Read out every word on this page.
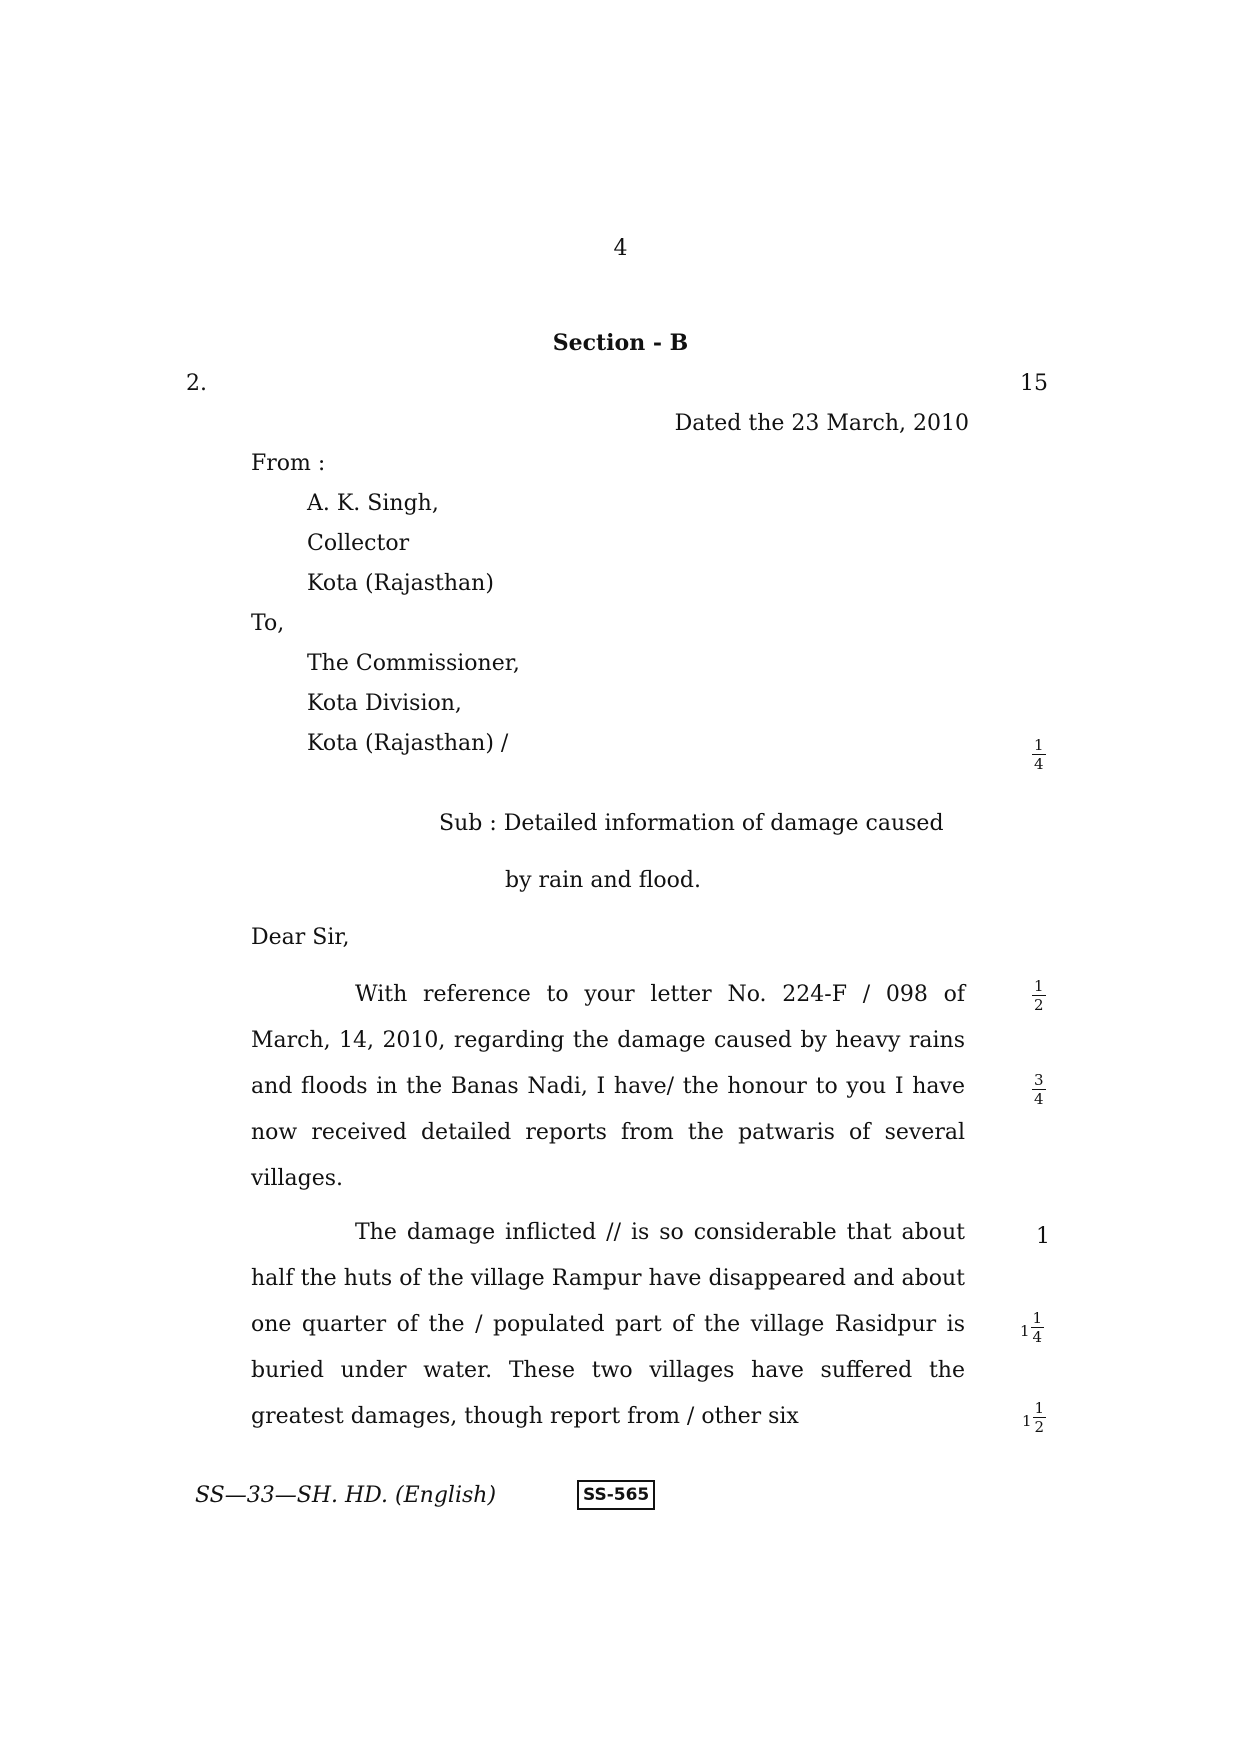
4
Section - B
2.	15
Dated the 23 March, 2010
From :
A. K. Singh,
Collector
Kota (Rajasthan)
To,
The Commissioner,
Kota Division,
Kota (Rajasthan) /	$\frac{1}{4}$
Sub : Detailed information of damage caused
by rain and flood.
Dear Sir,
With reference to your letter No. 224-F / 098 of March, 14, 2010, regarding the damage caused by heavy rains and floods in the Banas Nadi, I have/ the honour to you I have now received detailed reports from the patwaris of several villages.
$\frac{1}{2}$
$\frac{3}{4}$
The damage inflicted // is so considerable that about half the huts of the village Rampur have disappeared and about one quarter of the / populated part of the village Rasidpur is buried under water. These two villages have suffered the greatest damages, though report from / other six
1
$1 \frac{1}{4}$
$1 \frac{1}{2}$
SS—33—SH. HD. (English)	SS-565
